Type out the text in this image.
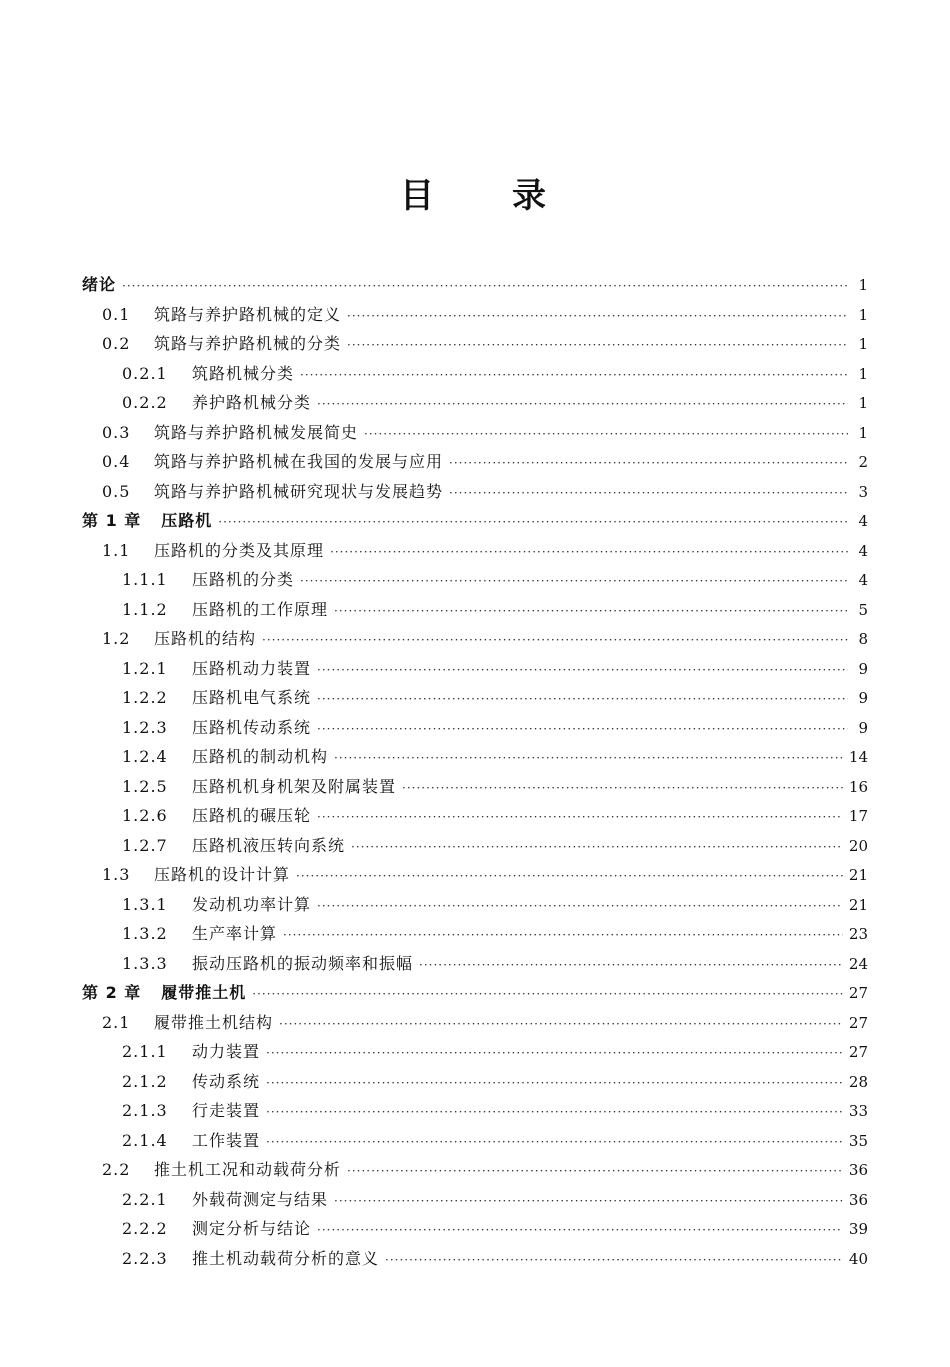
目 录
绪论 ·····	1
0.1	筑路与养护路机械的定义 ·····	1
0.2	筑路与养护路机械的分类 ·····	1
0.2.1	筑路机械分类 ·····	1
0.2.2	养护路机械分类 ·····	1
0.3	筑路与养护路机械发展简史 ·····	1
0.4	筑路与养护路机械在我国的发展与应用 ·····	2
0.5	筑路与养护路机械研究现状与发展趋势 ·····	3
第 1 章 压路机 ·····	4
1.1	压路机的分类及其原理 ·····	4
1.1.1	压路机的分类 ·····	4
1.1.2	压路机的工作原理 ·····	5
1.2	压路机的结构 ·····	8
1.2.1	压路机动力装置 ·····	9
1.2.2	压路机电气系统 ·····	9
1.2.3	压路机传动系统 ·····	9
1.2.4	压路机的制动机构 ·····	14
1.2.5	压路机机身机架及附属装置 ·····	16
1.2.6	压路机的碾压轮 ·····	17
1.2.7	压路机液压转向系统 ·····	20
1.3	压路机的设计计算 ·····	21
1.3.1	发动机功率计算 ·····	21
1.3.2	生产率计算 ·····	23
1.3.3	振动压路机的振动频率和振幅 ·····	24
第 2 章 履带推土机 ·····	27
2.1	履带推土机结构 ·····	27
2.1.1	动力装置 ·····	27
2.1.2	传动系统 ·····	28
2.1.3	行走装置 ·····	33
2.1.4	工作装置 ·····	35
2.2	推土机工况和动载荷分析 ·····	36
2.2.1	外载荷测定与结果 ·····	36
2.2.2	测定分析与结论 ·····	39
2.2.3	推土机动载荷分析的意义 ·····	40
